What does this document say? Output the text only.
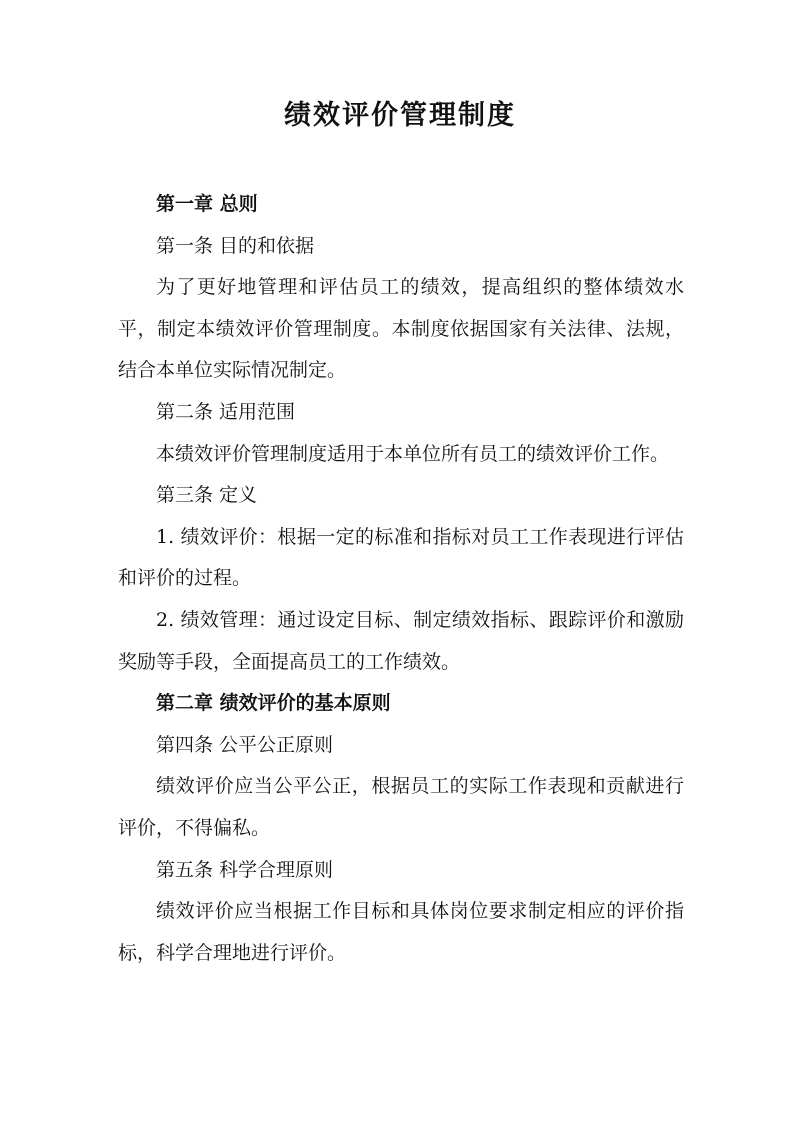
绩效评价管理制度

第一章 总则

第一条 目的和依据

为了更好地管理和评估员工的绩效，提高组织的整体绩效水平，制定本绩效评价管理制度。本制度依据国家有关法律、法规，结合本单位实际情况制定。

第二条 适用范围

本绩效评价管理制度适用于本单位所有员工的绩效评价工作。

第三条 定义

1. 绩效评价：根据一定的标准和指标对员工工作表现进行评估和评价的过程。

2. 绩效管理：通过设定目标、制定绩效指标、跟踪评价和激励奖励等手段，全面提高员工的工作绩效。

第二章 绩效评价的基本原则

第四条 公平公正原则

绩效评价应当公平公正，根据员工的实际工作表现和贡献进行评价，不得偏私。

第五条 科学合理原则

绩效评价应当根据工作目标和具体岗位要求制定相应的评价指标，科学合理地进行评价。
